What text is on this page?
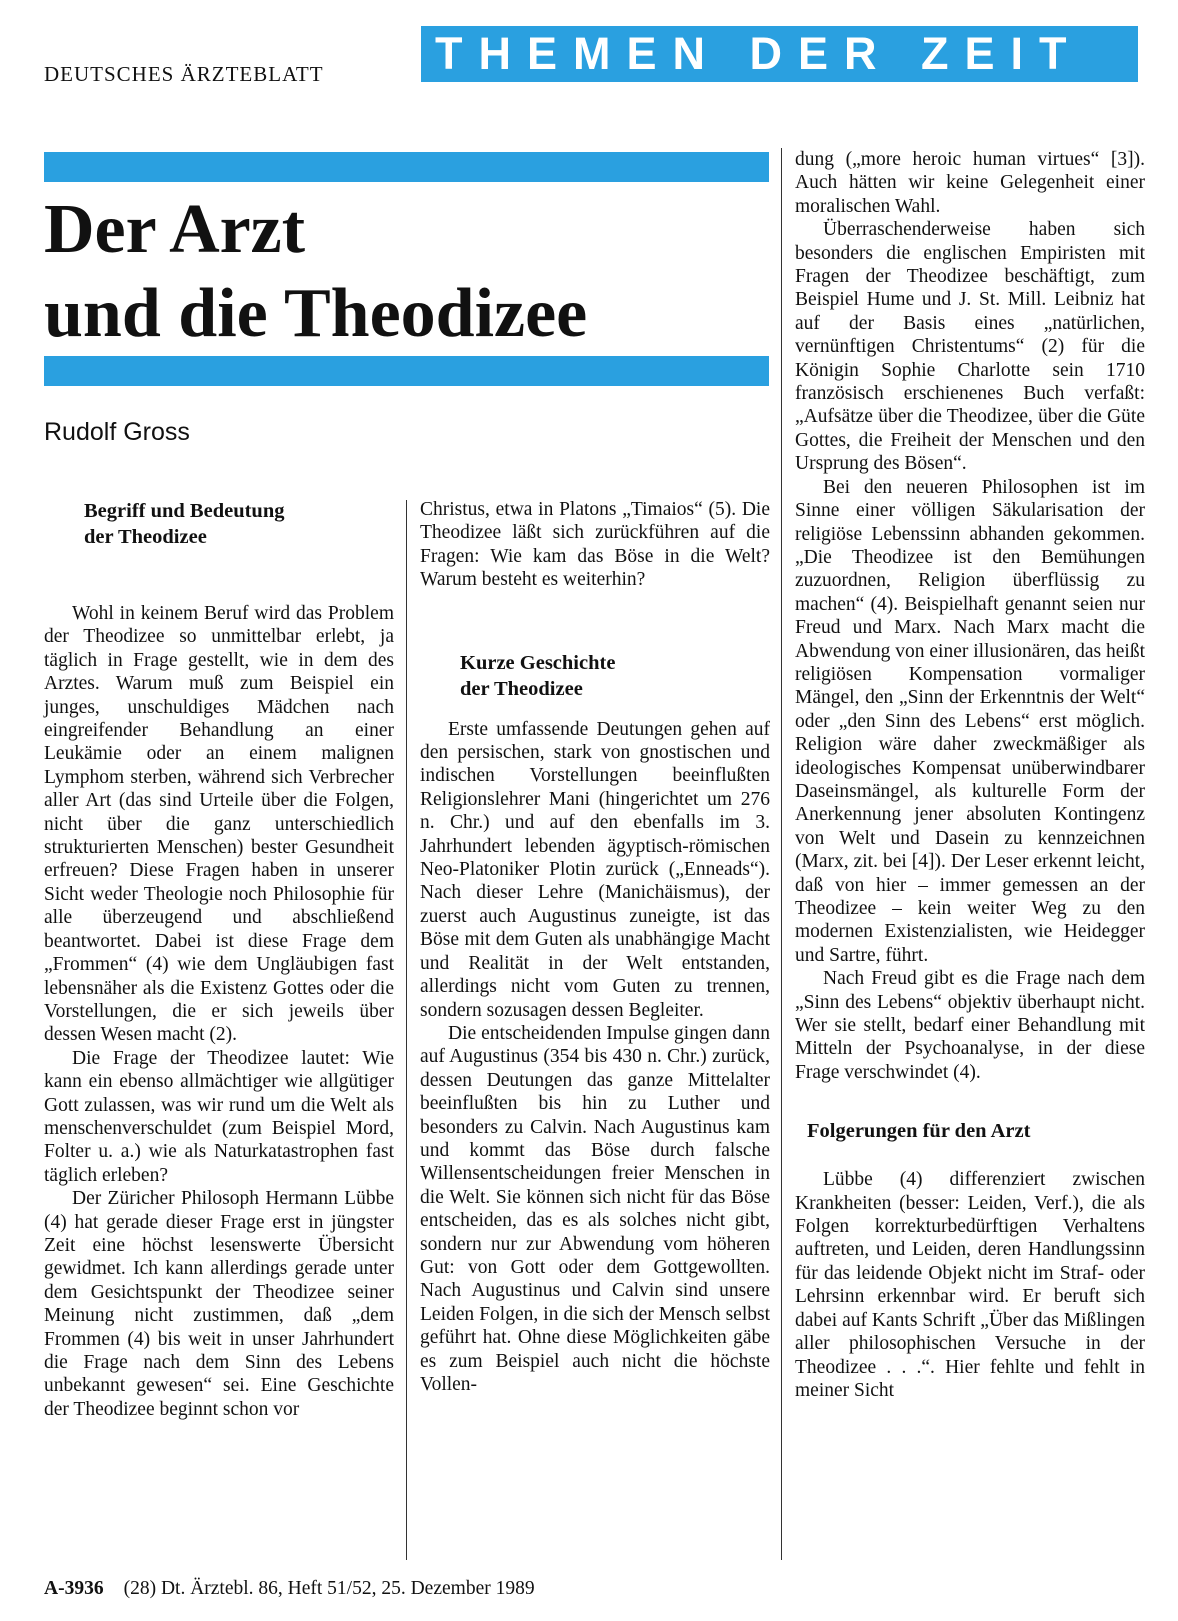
DEUTSCHES ÄRZTEBLATT	THEMEN DER ZEIT
Der Arzt
und die Theodizee
Rudolf Gross
Begriff und Bedeutung
der Theodizee

Wohl in keinem Beruf wird das Problem der Theodizee so unmittelbar erlebt, ja täglich in Frage gestellt, wie in dem des Arztes. Warum muß zum Beispiel ein junges, unschuldiges Mädchen nach eingreifender Behandlung an einer Leukämie oder an einem malignen Lymphom sterben, während sich Verbrecher aller Art (das sind Urteile über die Folgen, nicht über die ganz unterschiedlich strukturierten Menschen) bester Gesundheit erfreuen? Diese Fragen haben in unserer Sicht weder Theologie noch Philosophie für alle überzeugend und abschließend beantwortet. Dabei ist diese Frage dem „Frommen“ (4) wie dem Ungläubigen fast lebensnäher als die Existenz Gottes oder die Vorstellungen, die er sich jeweils über dessen Wesen macht (2).

Die Frage der Theodizee lautet: Wie kann ein ebenso allmächtiger wie allgütiger Gott zulassen, was wir rund um die Welt als menschenverschuldet (zum Beispiel Mord, Folter u. a.) wie als Naturkatastrophen fast täglich erleben?

Der Züricher Philosoph Hermann Lübbe (4) hat gerade dieser Frage erst in jüngster Zeit eine höchst lesenswerte Übersicht gewidmet. Ich kann allerdings gerade unter dem Gesichtspunkt der Theodizee seiner Meinung nicht zustimmen, daß „dem Frommen (4) bis weit in unser Jahrhundert die Frage nach dem Sinn des Lebens unbekannt gewesen“ sei. Eine Geschichte der Theodizee beginnt schon vor

Christus, etwa in Platons „Timaios“ (5). Die Theodizee läßt sich zurückführen auf die Fragen: Wie kam das Böse in die Welt? Warum besteht es weiterhin?

Kurze Geschichte
der Theodizee

Erste umfassende Deutungen gehen auf den persischen, stark von gnostischen und indischen Vorstellungen beeinflußten Religionslehrer Mani (hingerichtet um 276 n. Chr.) und auf den ebenfalls im 3. Jahrhundert lebenden ägyptisch-römischen Neo-Platoniker Plotin zurück („Enneads“). Nach dieser Lehre (Manichäismus), der zuerst auch Augustinus zuneigte, ist das Böse mit dem Guten als unabhängige Macht und Realität in der Welt entstanden, allerdings nicht vom Guten zu trennen, sondern sozusagen dessen Begleiter.

Die entscheidenden Impulse gingen dann auf Augustinus (354 bis 430 n. Chr.) zurück, dessen Deutungen das ganze Mittelalter beeinflußten bis hin zu Luther und besonders zu Calvin. Nach Augustinus kam und kommt das Böse durch falsche Willensentscheidungen freier Menschen in die Welt. Sie können sich nicht für das Böse entscheiden, das es als solches nicht gibt, sondern nur zur Abwendung vom höheren Gut: von Gott oder dem Gottgewollten. Nach Augustinus und Calvin sind unsere Leiden Folgen, in die sich der Mensch selbst geführt hat. Ohne diese Möglichkeiten gäbe es zum Beispiel auch nicht die höchste Vollen-

dung („more heroic human virtues“ [3]). Auch hätten wir keine Gelegenheit einer moralischen Wahl.

Überraschenderweise haben sich besonders die englischen Empiristen mit Fragen der Theodizee beschäftigt, zum Beispiel Hume und J. St. Mill. Leibniz hat auf der Basis eines „natürlichen, vernünftigen Christentums“ (2) für die Königin Sophie Charlotte sein 1710 französisch erschienenes Buch verfaßt: „Aufsätze über die Theodizee, über die Güte Gottes, die Freiheit der Menschen und den Ursprung des Bösen“.

Bei den neueren Philosophen ist im Sinne einer völligen Säkularisation der religiöse Lebenssinn abhanden gekommen. „Die Theodizee ist den Bemühungen zuzuordnen, Religion überflüssig zu machen“ (4). Beispielhaft genannt seien nur Freud und Marx. Nach Marx macht die Abwendung von einer illusionären, das heißt religiösen Kompensation vormaliger Mängel, den „Sinn der Erkenntnis der Welt“ oder „den Sinn des Lebens“ erst möglich. Religion wäre daher zweckmäßiger als ideologisches Kompensat unüberwindbarer Daseinsmängel, als kulturelle Form der Anerkennung jener absoluten Kontingenz von Welt und Dasein zu kennzeichnen (Marx, zit. bei [4]). Der Leser erkennt leicht, daß von hier – immer gemessen an der Theodizee – kein weiter Weg zu den modernen Existenzialisten, wie Heidegger und Sartre, führt.

Nach Freud gibt es die Frage nach dem „Sinn des Lebens“ objektiv überhaupt nicht. Wer sie stellt, bedarf einer Behandlung mit Mitteln der Psychoanalyse, in der diese Frage verschwindet (4).

Folgerungen für den Arzt

Lübbe (4) differenziert zwischen Krankheiten (besser: Leiden, Verf.), die als Folgen korrekturbedürftigen Verhaltens auftreten, und Leiden, deren Handlungssinn für das leidende Objekt nicht im Straf- oder Lehrsinn erkennbar wird. Er beruft sich dabei auf Kants Schrift „Über das Mißlingen aller philosophischen Versuche in der Theodizee . . .“. Hier fehlte und fehlt in meiner Sicht

A-3936 (28) Dt. Ärztebl. 86, Heft 51/52, 25. Dezember 1989
